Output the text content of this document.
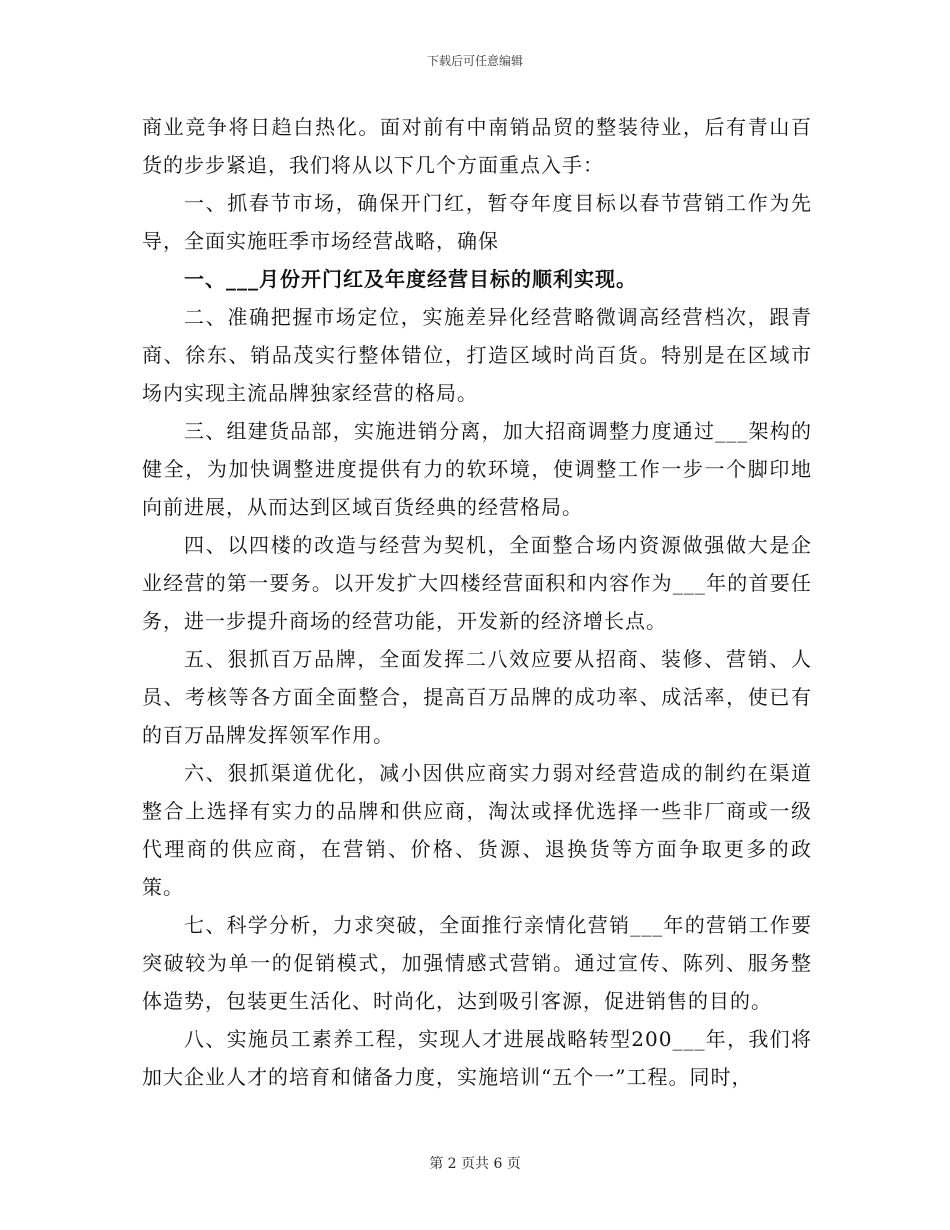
下载后可任意编辑

商业竞争将日趋白热化。面对前有中南销品贸的整装待业，后有青山百货的步步紧追，我们将从以下几个方面重点入手：

一、抓春节市场，确保开门红，暂夺年度目标以春节营销工作为先导，全面实施旺季市场经营战略，确保

一、___月份开门红及年度经营目标的顺利实现。

二、准确把握市场定位，实施差异化经营略微调高经营档次，跟青商、徐东、销品茂实行整体错位，打造区域时尚百货。特别是在区域市场内实现主流品牌独家经营的格局。

三、组建货品部，实施进销分离，加大招商调整力度通过___架构的健全，为加快调整进度提供有力的软环境，使调整工作一步一个脚印地向前进展，从而达到区域百货经典的经营格局。

四、以四楼的改造与经营为契机，全面整合场内资源做强做大是企业经营的第一要务。以开发扩大四楼经营面积和内容作为___年的首要任务，进一步提升商场的经营功能，开发新的经济增长点。

五、狠抓百万品牌，全面发挥二八效应要从招商、装修、营销、人员、考核等各方面全面整合，提高百万品牌的成功率、成活率，使已有的百万品牌发挥领军作用。

六、狠抓渠道优化，减小因供应商实力弱对经营造成的制约在渠道整合上选择有实力的品牌和供应商，淘汰或择优选择一些非厂商或一级代理商的供应商，在营销、价格、货源、退换货等方面争取更多的政策。

七、科学分析，力求突破，全面推行亲情化营销___年的营销工作要突破较为单一的促销模式，加强情感式营销。通过宣传、陈列、服务整体造势，包装更生活化、时尚化，达到吸引客源，促进销售的目的。

八、实施员工素养工程，实现人才进展战略转型200___年，我们将加大企业人才的培育和储备力度，实施培训“五个一”工程。同时，

第 2 页共 6 页
